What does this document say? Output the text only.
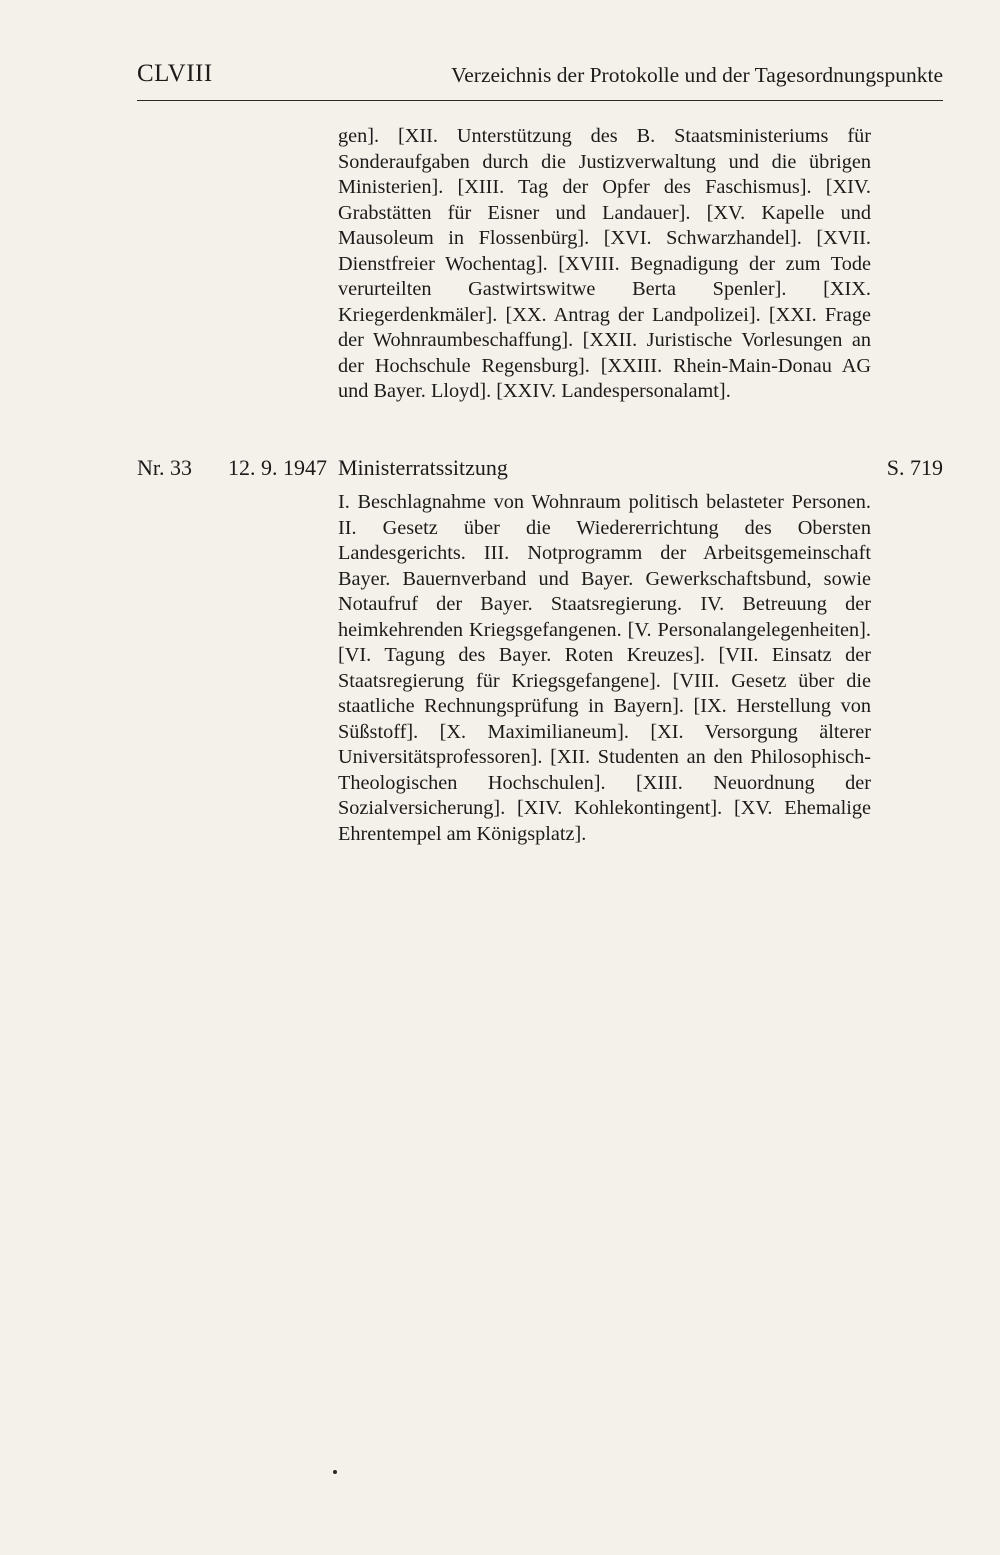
CLVIII	Verzeichnis der Protokolle und der Tagesordnungspunkte
gen]. [XII. Unterstützung des B. Staatsministeriums für Sonderaufgaben durch die Justizverwaltung und die übrigen Ministerien]. [XIII. Tag der Opfer des Faschismus]. [XIV. Grabstätten für Eisner und Landauer]. [XV. Kapelle und Mausoleum in Flossenbürg]. [XVI. Schwarzhandel]. [XVII. Dienstfreier Wochentag]. [XVIII. Begnadigung der zum Tode verurteilten Gastwirtswitwe Berta Spenler]. [XIX. Kriegerdenkmäler]. [XX. Antrag der Landpolizei]. [XXI. Frage der Wohnraumbeschaffung]. [XXII. Juristische Vorlesungen an der Hochschule Regensburg]. [XXIII. Rhein-Main-Donau AG und Bayer. Lloyd]. [XXIV. Landespersonalamt].
Nr. 33 12. 9. 1947 Ministerratssitzung	S. 719
I. Beschlagnahme von Wohnraum politisch belasteter Personen. II. Gesetz über die Wiedererrichtung des Obersten Landesgerichts. III. Notprogramm der Arbeitsgemeinschaft Bayer. Bauernverband und Bayer. Gewerkschaftsbund, sowie Notaufruf der Bayer. Staatsregierung. IV. Betreuung der heimkehrenden Kriegsgefangenen. [V. Personalangelegenheiten]. [VI. Tagung des Bayer. Roten Kreuzes]. [VII. Einsatz der Staatsregierung für Kriegsgefangene]. [VIII. Gesetz über die staatliche Rechnungsprüfung in Bayern]. [IX. Herstellung von Süßstoff]. [X. Maximilianeum]. [XI. Versorgung älterer Universitätsprofessoren]. [XII. Studenten an den Philosophisch-Theologischen Hochschulen]. [XIII. Neuordnung der Sozialversicherung]. [XIV. Kohlekontingent]. [XV. Ehemalige Ehrentempel am Königsplatz].
